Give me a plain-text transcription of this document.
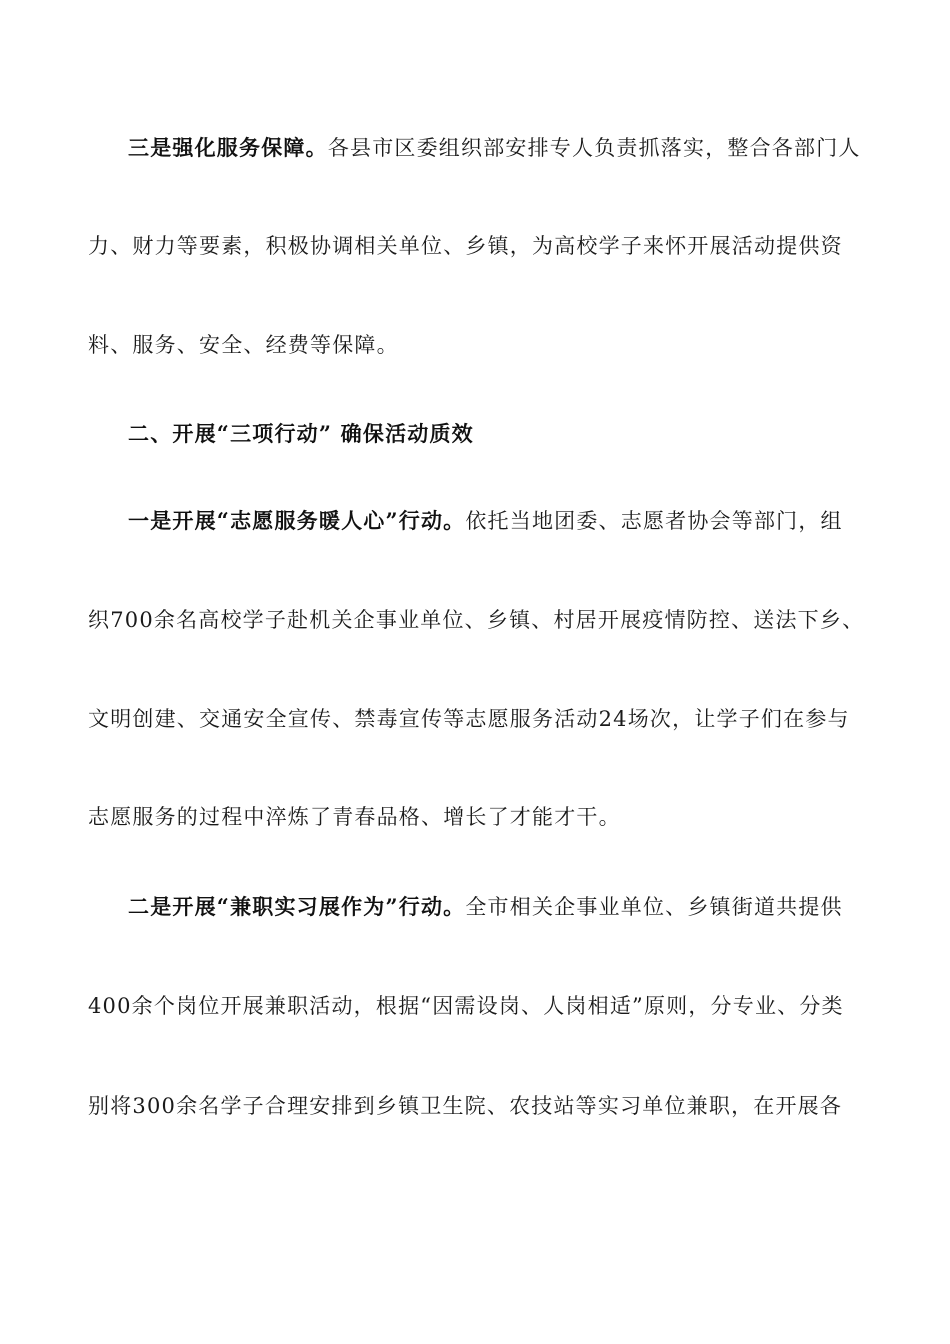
三是强化服务保障。各县市区委组织部安排专人负责抓落实，整合各部门人
力、财力等要素，积极协调相关单位、乡镇，为高校学子来怀开展活动提供资
料、服务、安全、经费等保障。
二、开展“三项行动” 确保活动质效
一是开展“志愿服务暖人心”行动。依托当地团委、志愿者协会等部门，组
织700余名高校学子赴机关企事业单位、乡镇、村居开展疫情防控、送法下乡、
文明创建、交通安全宣传、禁毒宣传等志愿服务活动24场次，让学子们在参与
志愿服务的过程中淬炼了青春品格、增长了才能才干。
二是开展“兼职实习展作为”行动。全市相关企事业单位、乡镇街道共提供
400余个岗位开展兼职活动，根据“因需设岗、人岗相适”原则，分专业、分类
别将300余名学子合理安排到乡镇卫生院、农技站等实习单位兼职，在开展各
